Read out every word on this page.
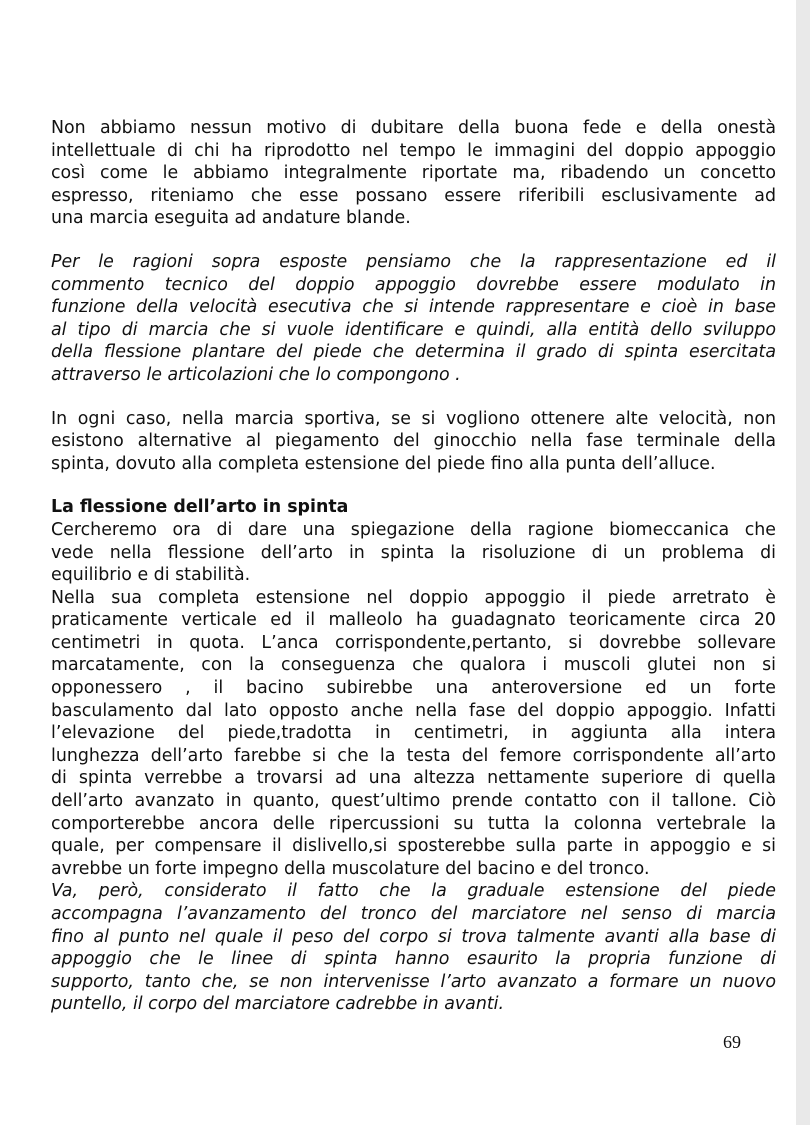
Non abbiamo nessun motivo di dubitare della buona fede e della onestà
intellettuale di chi ha riprodotto nel tempo le immagini del doppio appoggio
così come le abbiamo integralmente riportate ma, ribadendo un concetto
espresso, riteniamo che esse possano essere riferibili esclusivamente ad
una marcia eseguita ad andature blande.

Per le ragioni sopra esposte pensiamo che la rappresentazione ed il
commento tecnico del doppio appoggio dovrebbe essere modulato in
funzione della velocità esecutiva che si intende rappresentare e cioè in base
al tipo di marcia che si vuole identificare e quindi, alla entità dello sviluppo
della flessione plantare del piede che determina il grado di spinta esercitata
attraverso le articolazioni che lo compongono .

In ogni caso, nella marcia sportiva, se si vogliono ottenere alte velocità, non
esistono alternative al piegamento del ginocchio nella fase terminale della
spinta, dovuto alla completa estensione del piede fino alla punta dell’alluce.

La flessione dell’arto in spinta

Cercheremo ora di dare una spiegazione della ragione biomeccanica che
vede nella flessione dell’arto in spinta la risoluzione di un problema di
equilibrio e di stabilità.

Nella sua completa estensione nel doppio appoggio il piede arretrato è
praticamente verticale ed il malleolo ha guadagnato teoricamente circa 20
centimetri in quota. L’anca corrispondente,pertanto, si dovrebbe sollevare
marcatamente, con la conseguenza che qualora i muscoli glutei non si
opponessero , il bacino subirebbe una anteroversione ed un forte
basculamento dal lato opposto anche nella fase del doppio appoggio. Infatti
l’elevazione del piede,tradotta in centimetri, in aggiunta alla intera
lunghezza dell’arto farebbe si che la testa del femore corrispondente all’arto
di spinta verrebbe a trovarsi ad una altezza nettamente superiore di quella
dell’arto avanzato in quanto, quest’ultimo prende contatto con il tallone. Ciò
comporterebbe ancora delle ripercussioni su tutta la colonna vertebrale la
quale, per compensare il dislivello,si sposterebbe sulla parte in appoggio e si
avrebbe un forte impegno della muscolature del bacino e del tronco.

Va, però, considerato il fatto che la graduale estensione del piede
accompagna l’avanzamento del tronco del marciatore nel senso di marcia
fino al punto nel quale il peso del corpo si trova talmente avanti alla base di
appoggio che le linee di spinta hanno esaurito la propria funzione di
supporto, tanto che, se non intervenisse l’arto avanzato a formare un nuovo
puntello, il corpo del marciatore cadrebbe in avanti.

69
